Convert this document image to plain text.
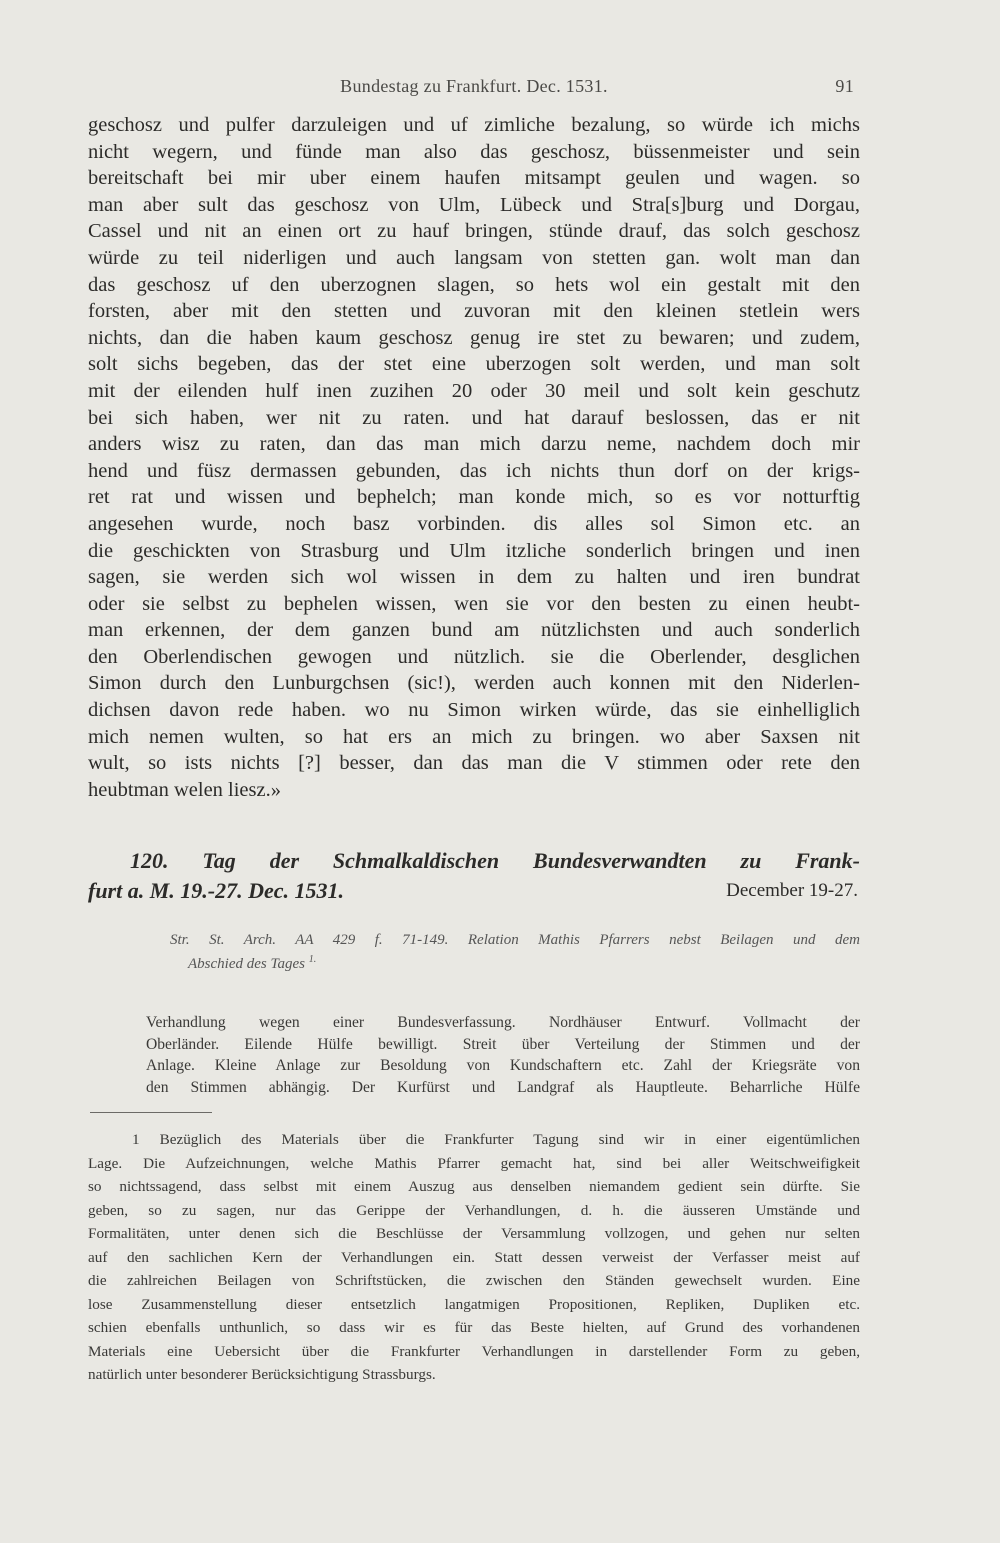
Bundestag zu Frankfurt. Dec. 1531.	91
geschosz und pulfer darzuleigen und uf zimliche bezalung, so würde ich michs
nicht wegern, und fünde man also das geschosz, büssenmeister und sein
bereitschaft bei mir uber einem haufen mitsampt geulen und wagen. so
man aber sult das geschosz von Ulm, Lübeck und Stra[s]burg und Dorgau,
Cassel und nit an einen ort zu hauf bringen, stünde drauf, das solch geschosz
würde zu teil niderligen und auch langsam von stetten gan. wolt man dan
das geschosz uf den uberzognen slagen, so hets wol ein gestalt mit den
forsten, aber mit den stetten und zuvoran mit den kleinen stetlein wers
nichts, dan die haben kaum geschosz genug ire stet zu bewaren; und zudem,
solt sichs begeben, das der stet eine uberzogen solt werden, und man solt
mit der eilenden hulf inen zuzihen 20 oder 30 meil und solt kein geschutz
bei sich haben, wer nit zu raten. und hat darauf beslossen, das er nit
anders wisz zu raten, dan das man mich darzu neme, nachdem doch mir
hend und füsz dermassen gebunden, das ich nichts thun dorf on der krigs-
ret rat und wissen und bephelch; man konde mich, so es vor notturftig
angesehen wurde, noch basz vorbinden. dis alles sol Simon etc. an
die geschickten von Strasburg und Ulm itzliche sonderlich bringen und inen
sagen, sie werden sich wol wissen in dem zu halten und iren bundrat
oder sie selbst zu bephelen wissen, wen sie vor den besten zu einen heubt-
man erkennen, der dem ganzen bund am nützlichsten und auch sonderlich
den Oberlendischen gewogen und nützlich. sie die Oberlender, desglichen
Simon durch den Lunburgchsen (sic!), werden auch konnen mit den Niderlen-
dichsen davon rede haben. wo nu Simon wirken würde, das sie einhelliglich
mich nemen wulten, so hat ers an mich zu bringen. wo aber Saxsen nit
wult, so ists nichts [?] besser, dan das man die V stimmen oder rete den
heubtman welen liesz.»
120. Tag der Schmalkaldischen Bundesverwandten zu Frank-
furt a. M. 19.-27. Dec. 1531.	December 19-27.
Str. St. Arch. AA 429 f. 71-149. Relation Mathis Pfarrers nebst Beilagen und dem
Abschied des Tages $^{1.}$
Verhandlung wegen einer Bundesverfassung. Nordhäuser Entwurf. Vollmacht der
Oberländer. Eilende Hülfe bewilligt. Streit über Verteilung der Stimmen und der
Anlage. Kleine Anlage zur Besoldung von Kundschaftern etc. Zahl der Kriegsräte von
den Stimmen abhängig. Der Kurfürst und Landgraf als Hauptleute. Beharrliche Hülfe
1 Bezüglich des Materials über die Frankfurter Tagung sind wir in einer eigentümlichen
Lage. Die Aufzeichnungen, welche Mathis Pfarrer gemacht hat, sind bei aller Weitschweifigkeit
so nichtssagend, dass selbst mit einem Auszug aus denselben niemandem gedient sein dürfte. Sie
geben, so zu sagen, nur das Gerippe der Verhandlungen, d. h. die äusseren Umstände und
Formalitäten, unter denen sich die Beschlüsse der Versammlung vollzogen, und gehen nur selten
auf den sachlichen Kern der Verhandlungen ein. Statt dessen verweist der Verfasser meist auf
die zahlreichen Beilagen von Schriftstücken, die zwischen den Ständen gewechselt wurden. Eine
lose Zusammenstellung dieser entsetzlich langatmigen Propositionen, Repliken, Dupliken etc.
schien ebenfalls unthunlich, so dass wir es für das Beste hielten, auf Grund des vorhandenen
Materials eine Uebersicht über die Frankfurter Verhandlungen in darstellender Form zu geben,
natürlich unter besonderer Berücksichtigung Strassburgs.
